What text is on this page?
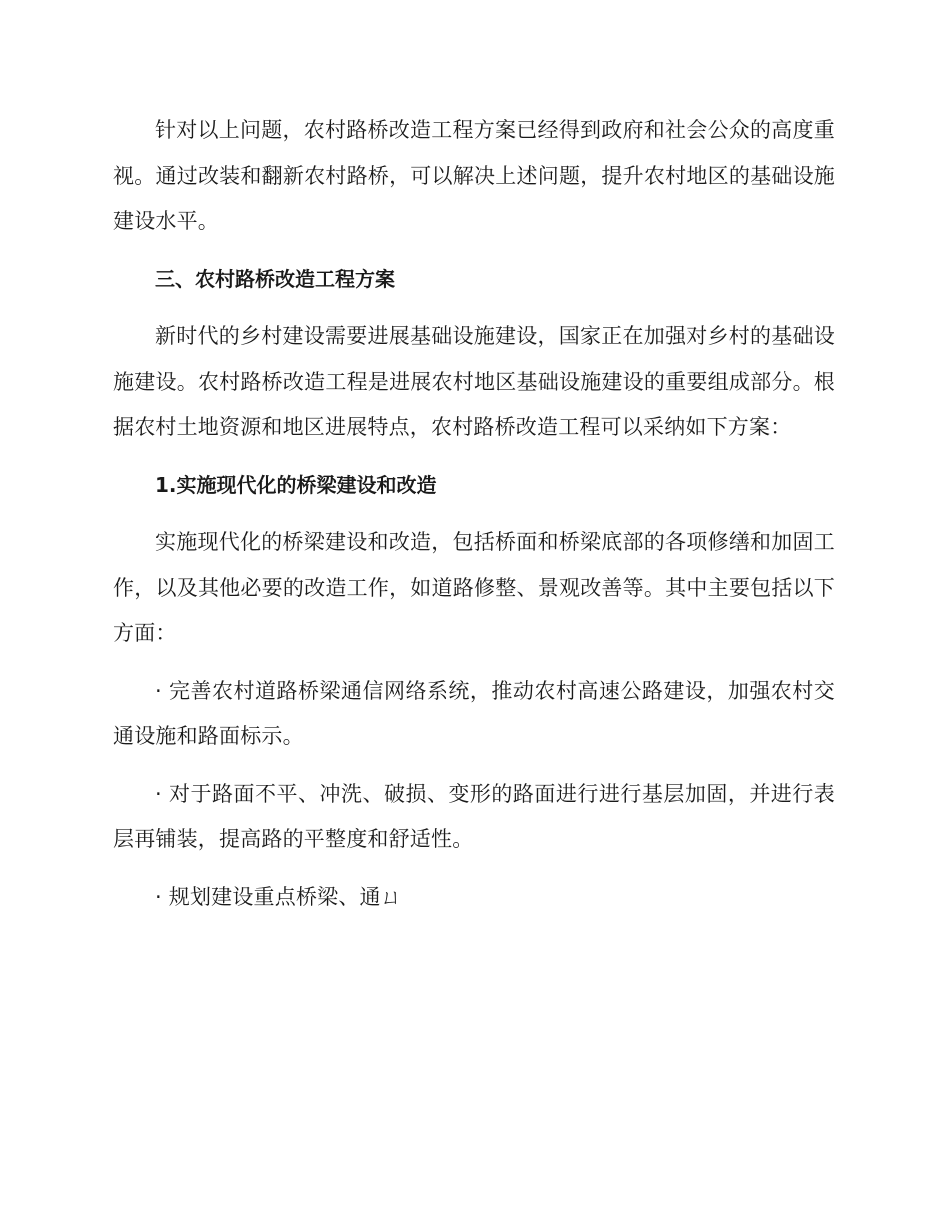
针对以上问题，农村路桥改造工程方案已经得到政府和社会公众的高度重视。通过改装和翻新农村路桥，可以解决上述问题，提升农村地区的基础设施建设水平。

三、农村路桥改造工程方案

新时代的乡村建设需要进展基础设施建设，国家正在加强对乡村的基础设施建设。农村路桥改造工程是进展农村地区基础设施建设的重要组成部分。根据农村土地资源和地区进展特点，农村路桥改造工程可以采纳如下方案：

1.实施现代化的桥梁建设和改造

实施现代化的桥梁建设和改造，包括桥面和桥梁底部的各项修缮和加固工作，以及其他必要的改造工作，如道路修整、景观改善等。其中主要包括以下方面：

· 完善农村道路桥梁通信网络系统，推动农村高速公路建设，加强农村交通设施和路面标示。

· 对于路面不平、冲洗、破损、变形的路面进行进行基层加固，并进行表层再铺装，提高路的平整度和舒适性。

· 规划建设重点桥梁、通ㄩ
